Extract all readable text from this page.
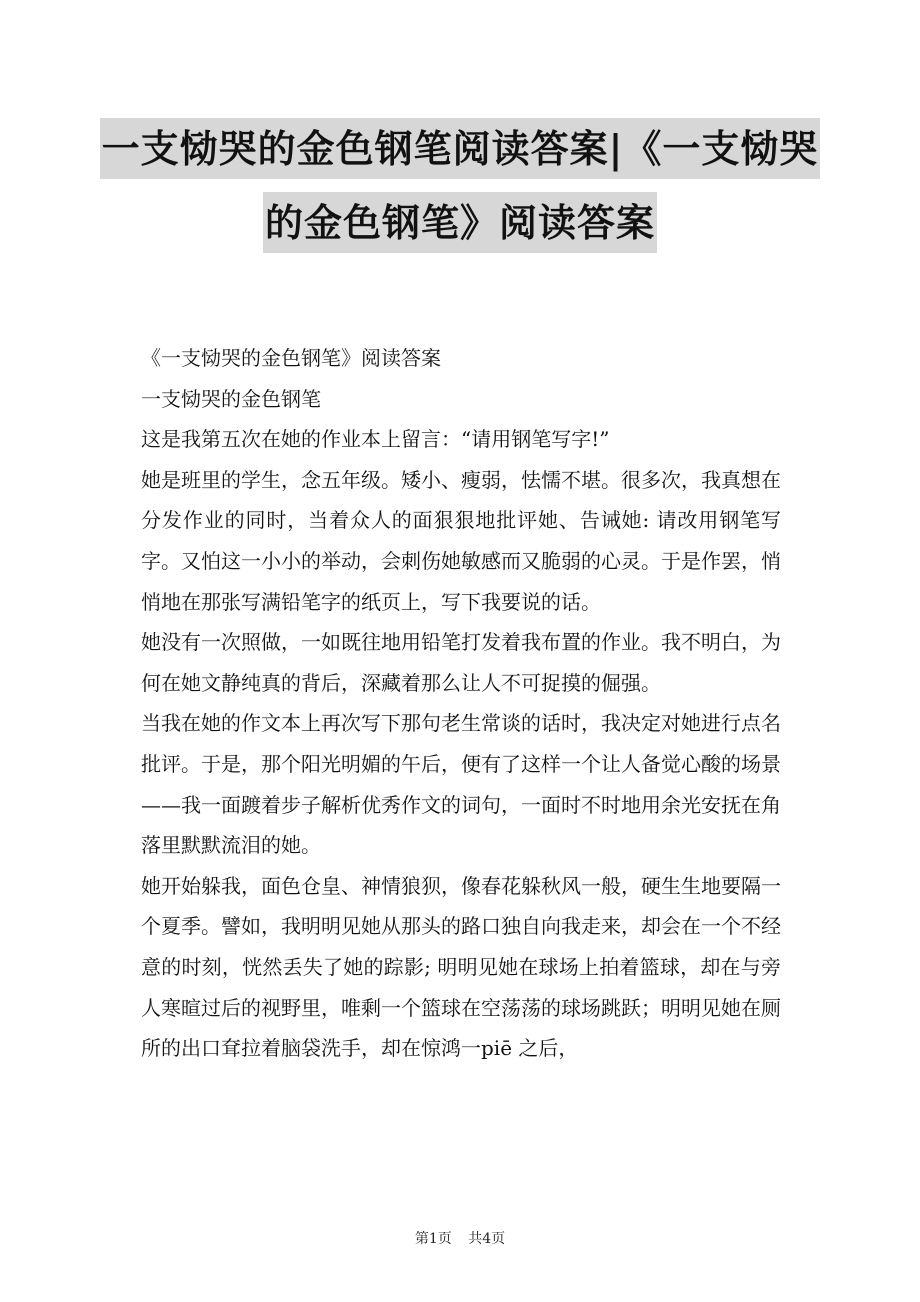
一支恸哭的金色钢笔阅读答案|《一支恸哭
的金色钢笔》阅读答案

《一支恸哭的金色钢笔》阅读答案

一支恸哭的金色钢笔

这是我第五次在她的作业本上留言：“请用钢笔写字!”

她是班里的学生，念五年级。矮小、瘦弱，怯懦不堪。很多次，我真想在分发作业的同时，当着众人的面狠狠地批评她、告诫她: 请改用钢笔写字。又怕这一小小的举动，会刺伤她敏感而又脆弱的心灵。于是作罢，悄悄地在那张写满铅笔字的纸页上，写下我要说的话。

她没有一次照做，一如既往地用铅笔打发着我布置的作业。我不明白，为何在她文静纯真的背后，深藏着那么让人不可捉摸的倔强。

当我在她的作文本上再次写下那句老生常谈的话时，我决定对她进行点名批评。于是，那个阳光明媚的午后，便有了这样一个让人备觉心酸的场景——我一面踱着步子解析优秀作文的词句，一面时不时地用余光安抚在角落里默默流泪的她。

她开始躲我，面色仓皇、神情狼狈，像春花躲秋风一般，硬生生地要隔一个夏季。譬如，我明明见她从那头的路口独自向我走来，却会在一个不经意的时刻，恍然丢失了她的踪影; 明明见她在球场上拍着篮球，却在与旁人寒暄过后的视野里，唯剩一个篮球在空荡荡的球场跳跃；明明见她在厕所的出口耷拉着脑袋洗手，却在惊鸿一piē 之后，

第1页 共4页
